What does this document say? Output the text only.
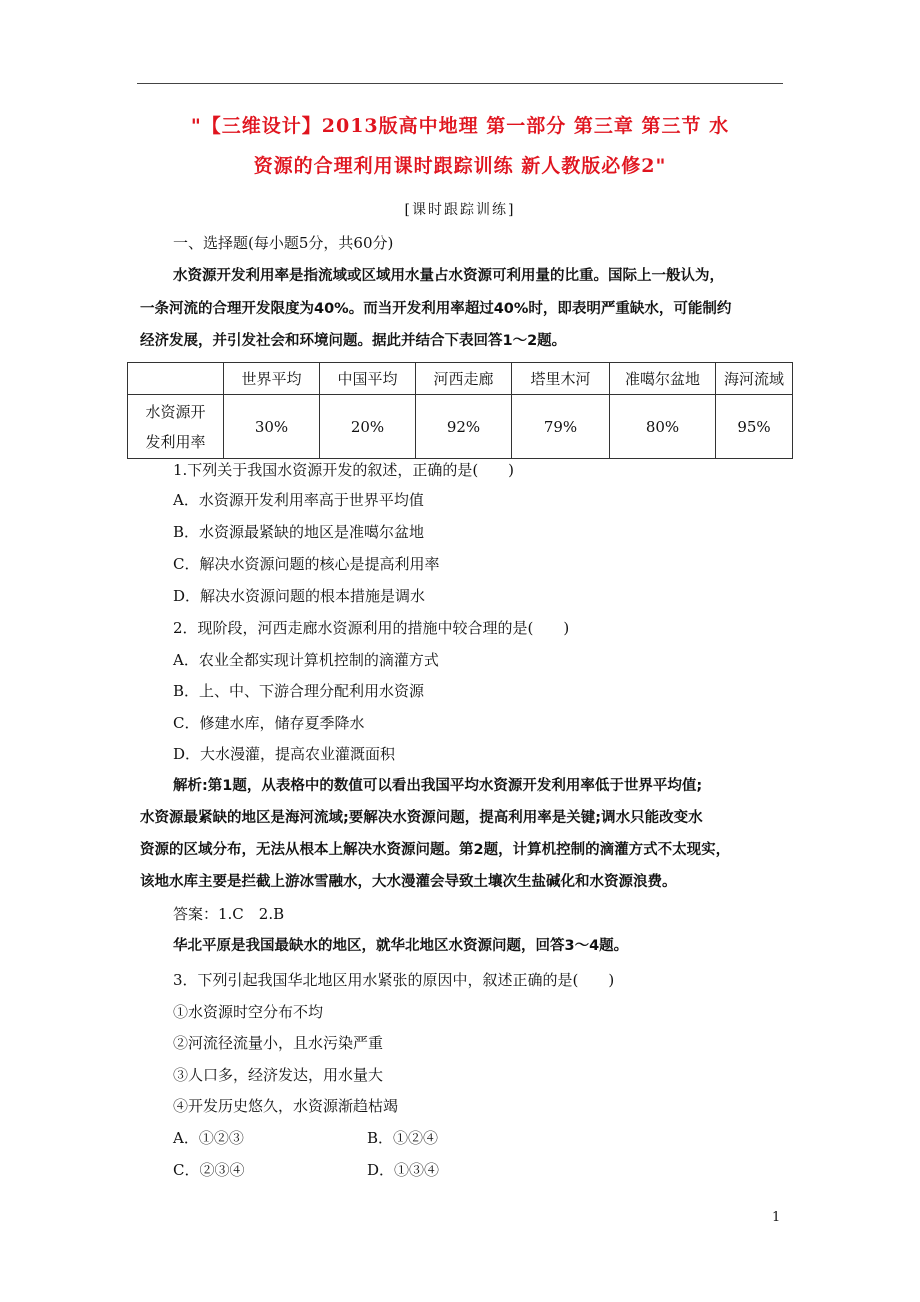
"【三维设计】2013版高中地理 第一部分 第三章 第三节 水
资源的合理利用课时跟踪训练 新人教版必修2"
[课时跟踪训练]
一、选择题(每小题5分，共60分)
水资源开发利用率是指流域或区域用水量占水资源可利用量的比重。国际上一般认为，
一条河流的合理开发限度为40%。而当开发利用率超过40%时，即表明严重缺水，可能制约
经济发展，并引发社会和环境问题。据此并结合下表回答1～2题。
	世界平均	中国平均	河西走廊	塔里木河	准噶尔盆地	海河流域
水资源开
发利用率	30%	20%	92%	79%	80%	95%
1.下列关于我国水资源开发的叙述，正确的是(　　)
A．水资源开发利用率高于世界平均值
B．水资源最紧缺的地区是准噶尔盆地
C．解决水资源问题的核心是提高利用率
D．解决水资源问题的根本措施是调水
2．现阶段，河西走廊水资源利用的措施中较合理的是(　　)
A．农业全都实现计算机控制的滴灌方式
B．上、中、下游合理分配利用水资源
C．修建水库，储存夏季降水
D．大水漫灌，提高农业灌溉面积
解析:第1题，从表格中的数值可以看出我国平均水资源开发利用率低于世界平均值;
水资源最紧缺的地区是海河流域;要解决水资源问题，提高利用率是关键;调水只能改变水
资源的区域分布，无法从根本上解决水资源问题。第2题，计算机控制的滴灌方式不太现实，
该地水库主要是拦截上游冰雪融水，大水漫灌会导致土壤次生盐碱化和水资源浪费。
答案：1.C　2.B
华北平原是我国最缺水的地区，就华北地区水资源问题，回答3～4题。
3．下列引起我国华北地区用水紧张的原因中，叙述正确的是(　　)
①水资源时空分布不均
②河流径流量小，且水污染严重
③人口多，经济发达，用水量大
④开发历史悠久，水资源渐趋枯竭
A．①②③	B．①②④
C．②③④	D．①③④
1
